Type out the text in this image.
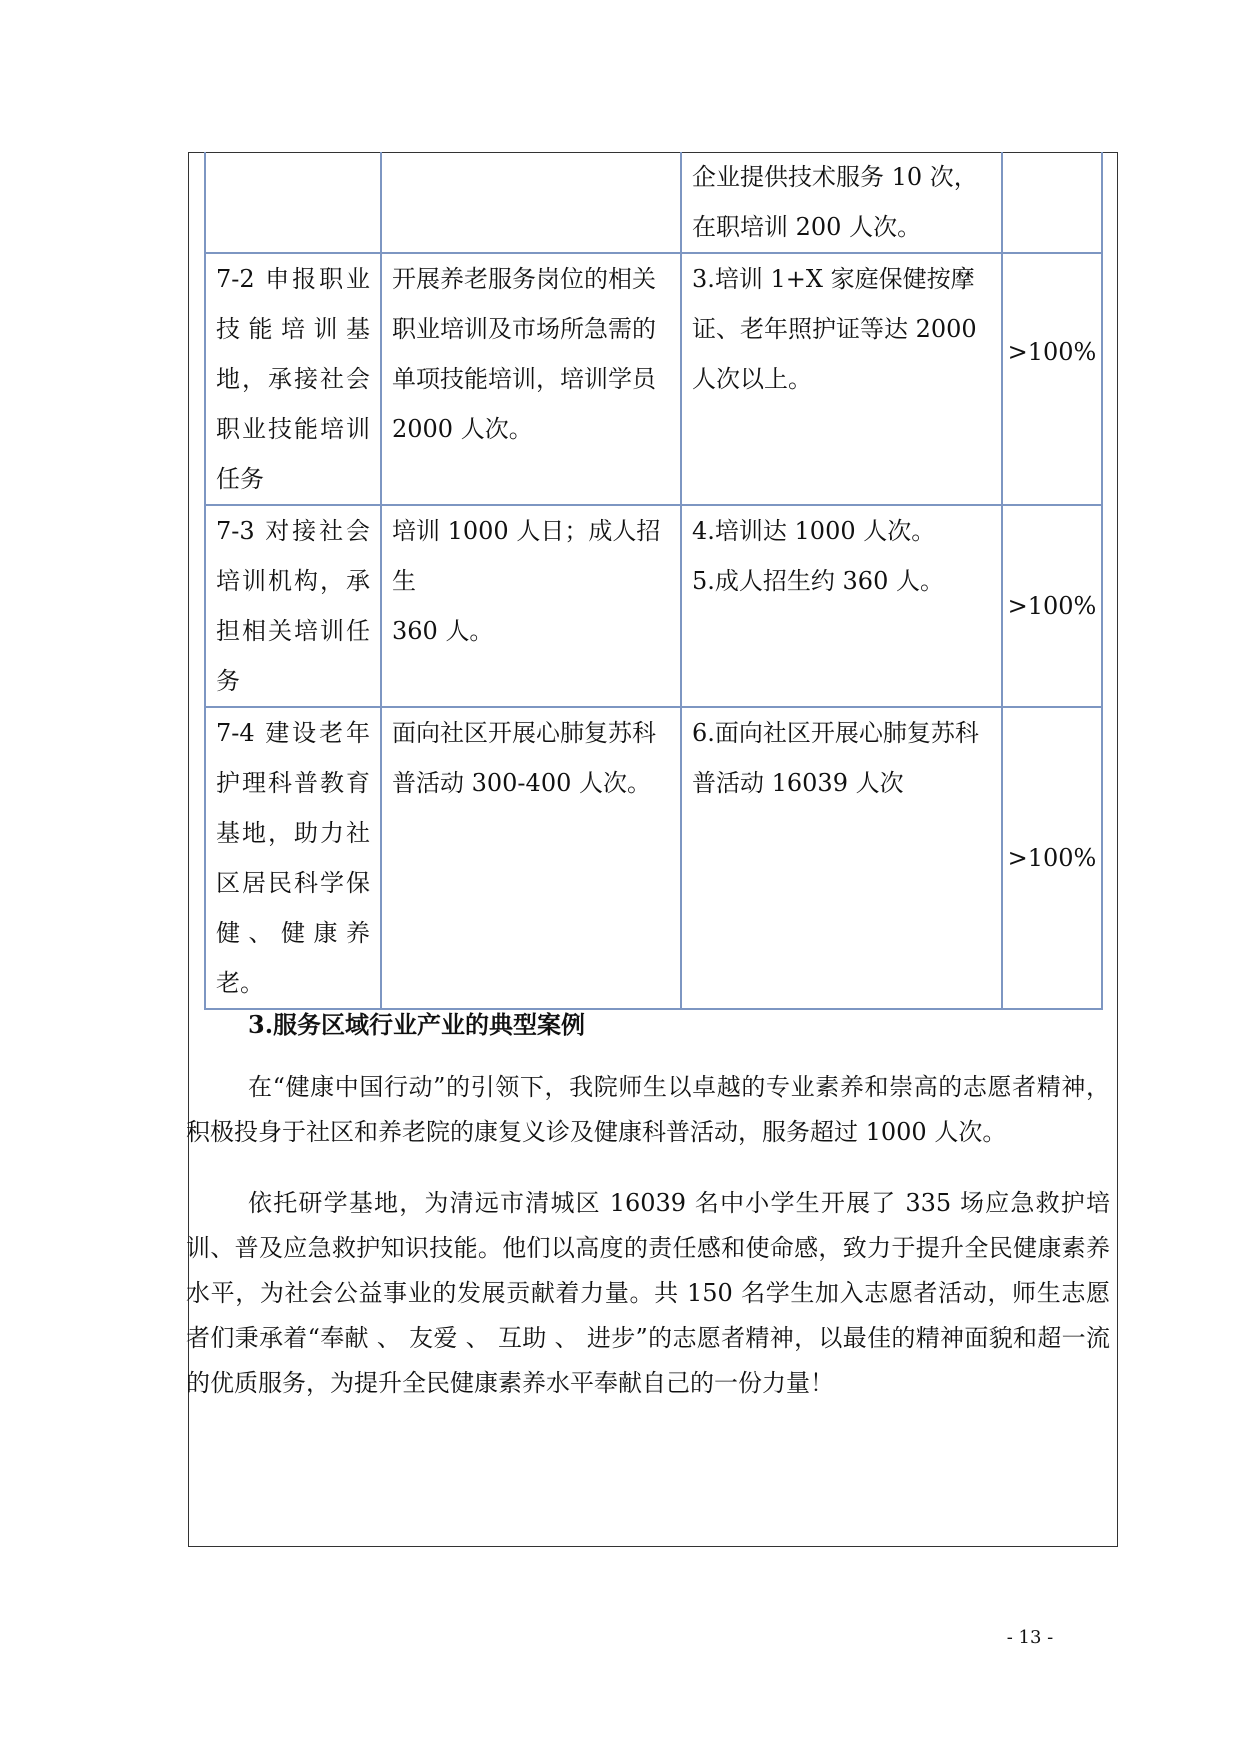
		企业提供技术服务 10 次，
在职培训 200 人次。	

7-2 申报职业
技能培训基
地，承接社会
职业技能培训
任务	开展养老服务岗位的相关
职业培训及市场所急需的
单项技能培训，培训学员
2000 人次。	3.培训 1+X 家庭保健按摩
证、老年照护证等达 2000
人次以上。	>100%

7-3 对接社会
培训机构，承
担相关培训任
务	培训 1000 人日；成人招生
360 人。	4.培训达 1000 人次。
5.成人招生约 360 人。	>100%

7-4 建设老年
护理科普教育
基地，助力社
区居民科学保
健、健康养老。	面向社区开展心肺复苏科
普活动 300-400 人次。	6.面向社区开展心肺复苏科
普活动 16039 人次	>100%
3.服务区域行业产业的典型案例

在“健康中国行动”的引领下，我院师生以卓越的专业素养和崇高的志愿者精神，积极投身于社区和养老院的康复义诊及健康科普活动，服务超过 1000 人次。

依托研学基地，为清远市清城区 16039 名中小学生开展了 335 场应急救护培训、普及应急救护知识技能。他们以高度的责任感和使命感，致力于提升全民健康素养水平，为社会公益事业的发展贡献着力量。共 150 名学生加入志愿者活动，师生志愿者们秉承着“奉献 、 友爱 、 互助 、 进步”的志愿者精神，以最佳的精神面貌和超一流的优质服务，为提升全民健康素养水平奉献自己的一份力量！

- 13 -
